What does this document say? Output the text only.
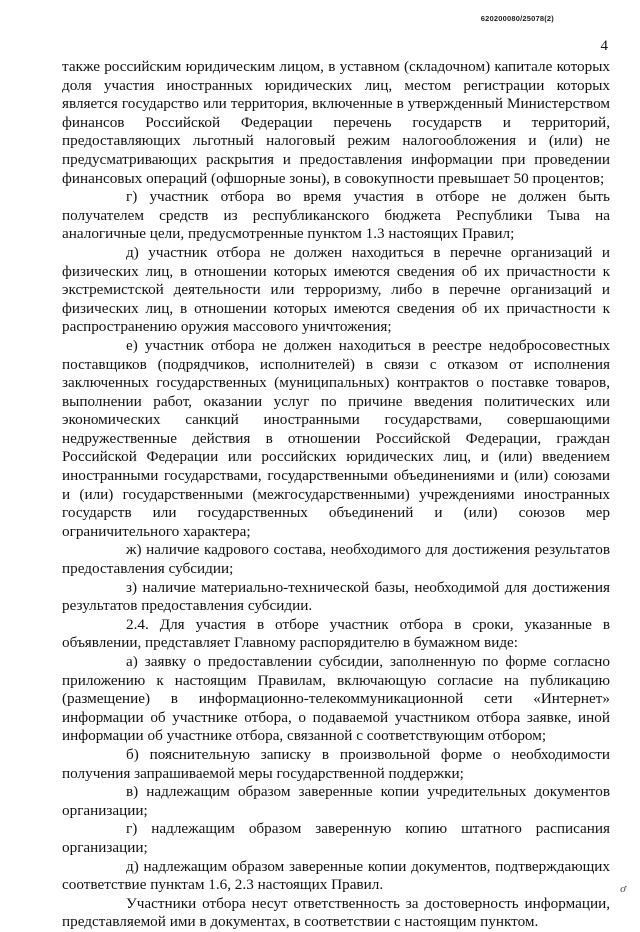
620200080/25078(2)
4

также российским юридическим лицом, в уставном (складочном) капитале которых доля участия иностранных юридических лиц, местом регистрации которых является государство или территория, включенные в утвержденный Министерством финансов Российской Федерации перечень государств и территорий, предоставляющих льготный налоговый режим налогообложения и (или) не предусматривающих раскрытия и предоставления информации при проведении финансовых операций (офшорные зоны), в совокупности превышает 50 процентов;

г) участник отбора во время участия в отборе не должен быть получателем средств из республиканского бюджета Республики Тыва на аналогичные цели, предусмотренные пунктом 1.3 настоящих Правил;

д) участник отбора не должен находиться в перечне организаций и физических лиц, в отношении которых имеются сведения об их причастности к экстремистской деятельности или терроризму, либо в перечне организаций и физических лиц, в отношении которых имеются сведения об их причастности к распространению оружия массового уничтожения;

е) участник отбора не должен находиться в реестре недобросовестных поставщиков (подрядчиков, исполнителей) в связи с отказом от исполнения заключенных государственных (муниципальных) контрактов о поставке товаров, выполнении работ, оказании услуг по причине введения политических или экономических санкций иностранными государствами, совершающими недружественные действия в отношении Российской Федерации, граждан Российской Федерации или российских юридических лиц, и (или) введением иностранными государствами, государственными объединениями и (или) союзами и (или) государственными (межгосударственными) учреждениями иностранных государств или государственных объединений и (или) союзов мер ограничительного характера;

ж) наличие кадрового состава, необходимого для достижения результатов предоставления субсидии;

з) наличие материально-технической базы, необходимой для достижения результатов предоставления субсидии.

2.4. Для участия в отборе участник отбора в сроки, указанные в объявлении, представляет Главному распорядителю в бумажном виде:

а) заявку о предоставлении субсидии, заполненную по форме согласно приложению к настоящим Правилам, включающую согласие на публикацию (размещение) в информационно-телекоммуникационной сети «Интернет» информации об участнике отбора, о подаваемой участником отбора заявке, иной информации об участнике отбора, связанной с соответствующим отбором;

б) пояснительную записку в произвольной форме о необходимости получения запрашиваемой меры государственной поддержки;

в) надлежащим образом заверенные копии учредительных документов организации;

г) надлежащим образом заверенную копию штатного расписания организации;

д) надлежащим образом заверенные копии документов, подтверждающих соответствие пунктам 1.6, 2.3 настоящих Правил.

Участники отбора несут ответственность за достоверность информации, представляемой ими в документах, в соответствии с настоящим пунктом.

ơ
